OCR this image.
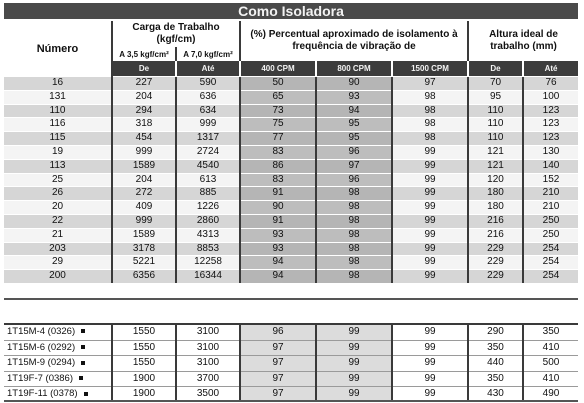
Como Isoladora
Número	Carga de Trabalho (kgf/cm)		(%) Percentual aproximado de isolamento à frequência de vibração de			Altura ideal de trabalho (mm)	
	A 3,5 kgf/cm²	A 7,0 kgf/cm²					
	De	Até	400 CPM	800 CPM	1500 CPM	De	Até
16	227	590	50	90	97	70	76
131	204	636	65	93	98	95	100
110	294	634	73	94	98	110	123
116	318	999	75	95	98	110	123
115	454	1317	77	95	98	110	123
19	999	2724	83	96	99	121	130
113	1589	4540	86	97	99	121	140
25	204	613	83	96	99	120	152
26	272	885	91	98	99	180	210
20	409	1226	90	98	99	180	210
22	999	2860	91	98	99	216	250
21	1589	4313	93	98	99	216	250
203	3178	8853	93	98	99	229	254
29	5221	12258	94	98	99	229	254
200	6356	16344	94	98	99	229	254
1T15M-4 (0326)	1550	3100	96	99	99	290	350
1T15M-6 (0292)	1550	3100	97	99	99	350	410
1T15M-9 (0294)	1550	3100	97	99	99	440	500
1T19F-7 (0386)	1900	3700	97	99	99	350	410
1T19F-11 (0378)	1900	3500	97	99	99	430	490
